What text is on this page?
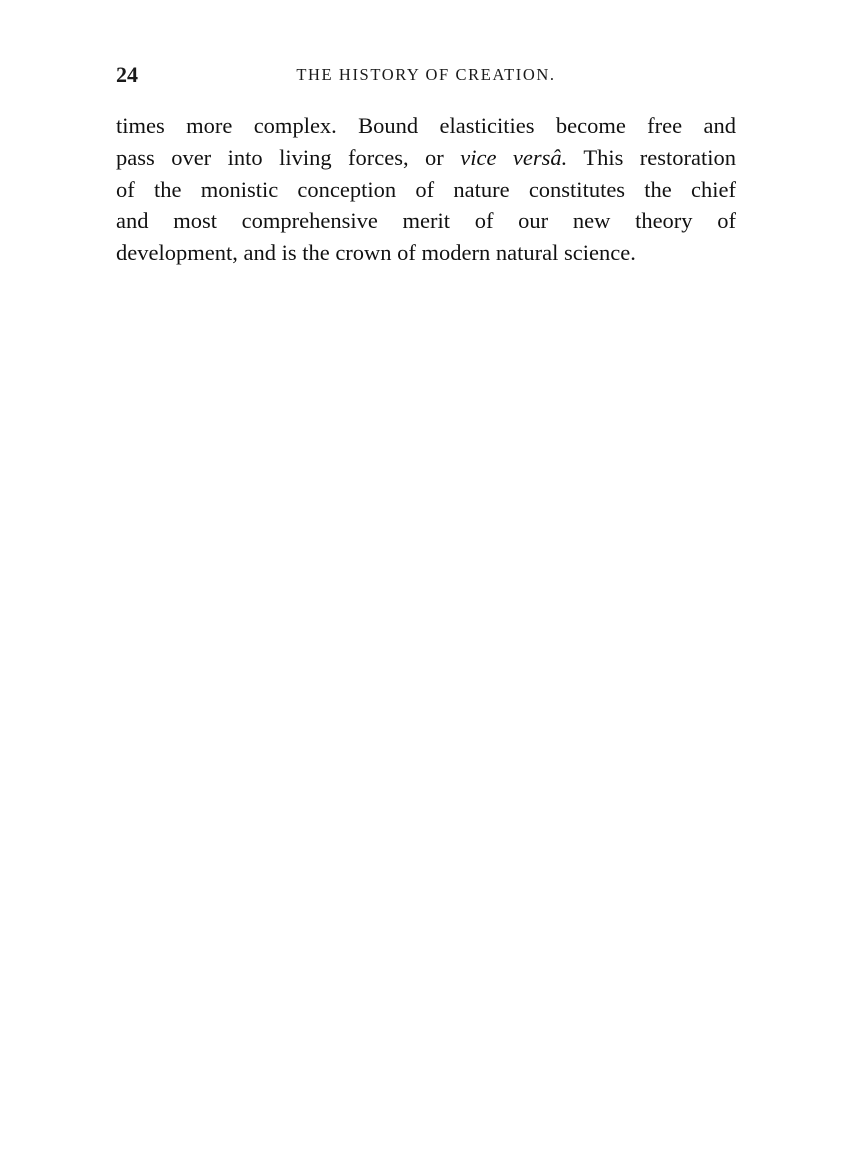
24	THE HISTORY OF CREATION.
times more complex. Bound elasticities become free and
pass over into living forces, or vice versâ. This restoration
of the monistic conception of nature constitutes the chief
and most comprehensive merit of our new theory of
development, and is the crown of modern natural science.
